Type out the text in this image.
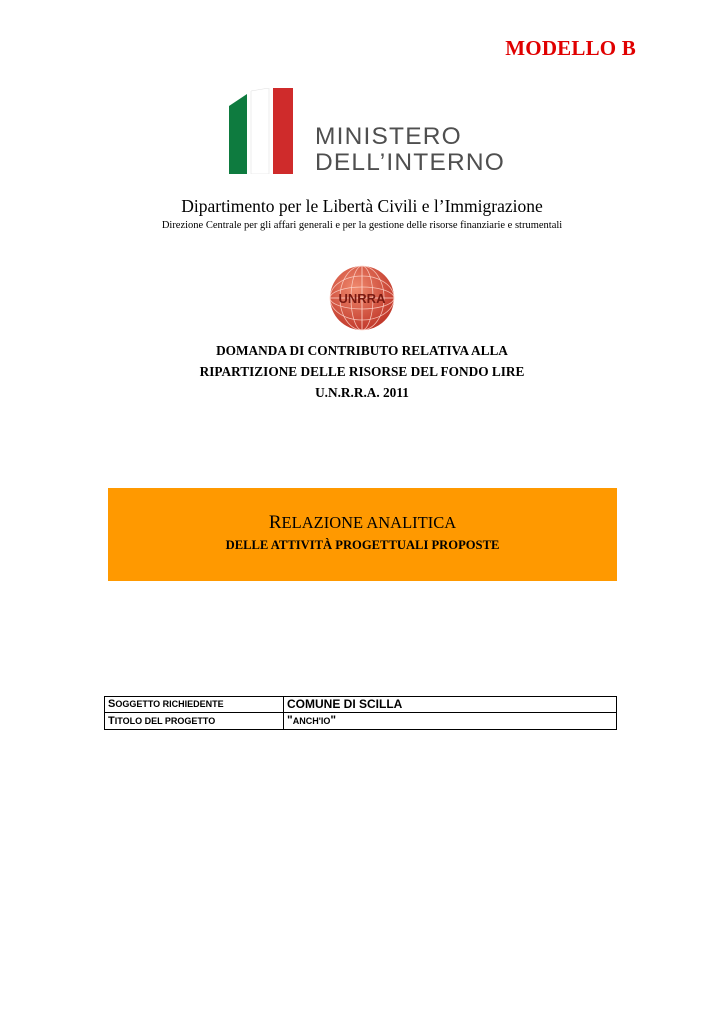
MODELLO B
MINISTERO
DELL’INTERNO
Dipartimento per le Libertà Civili e l’Immigrazione
Direzione Centrale per gli affari generali e per la gestione delle risorse finanziarie e strumentali
UNRRA
DOMANDA DI CONTRIBUTO RELATIVA ALLA
RIPARTIZIONE DELLE RISORSE DEL FONDO LIRE
U.N.R.R.A. 2011
RELAZIONE ANALITICA
DELLE ATTIVITÀ PROGETTUALI PROPOSTE
SOGGETTO RICHIEDENTE	COMUNE DI SCILLA
TITOLO DEL PROGETTO	"ANCH'IO"
